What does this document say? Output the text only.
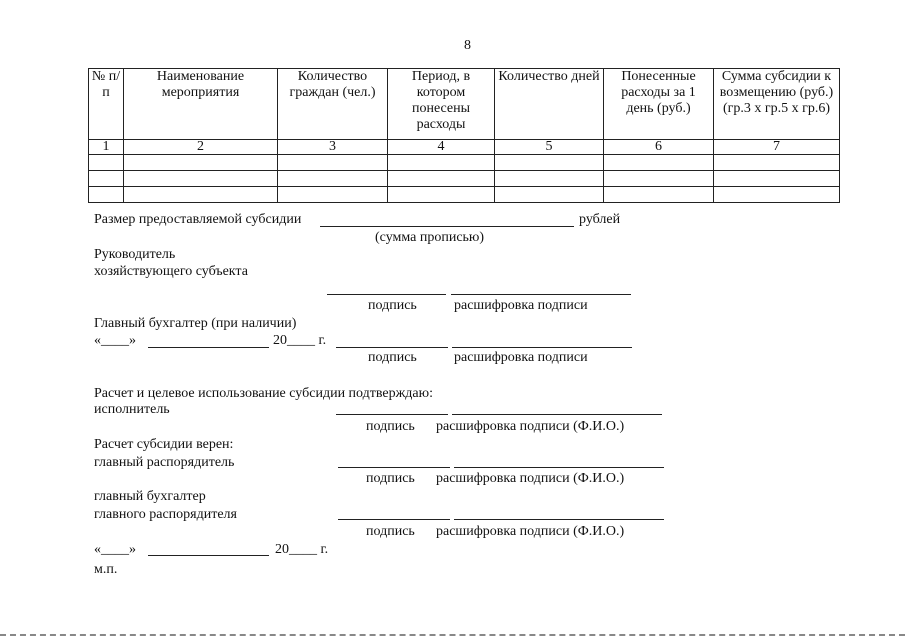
8
№ п/п	Наименование мероприятия	Количество граждан (чел.)	Период, в котором понесены расходы	Количество дней	Понесенные расходы за 1 день (руб.)	Сумма субсидии к возмещению (руб.) (гр.3 х гр.5 х гр.6)
1	2	3	4	5	6	7

Размер предоставляемой субсидии	рублей
(сумма прописью)
Руководитель
хозяйствующего субъекта
подпись	расшифровка подписи
Главный бухгалтер (при наличии)
«____»	20____ г.
подпись	расшифровка подписи
Расчет и целевое использование субсидии подтверждаю:
исполнитель
подпись расшифровка подписи (Ф.И.О.)
Расчет субсидии верен:
главный распорядитель
подпись расшифровка подписи (Ф.И.О.)
главный бухгалтер
главного распорядителя
подпись расшифровка подписи (Ф.И.О.)
«____»	20____ г.
м.п.
